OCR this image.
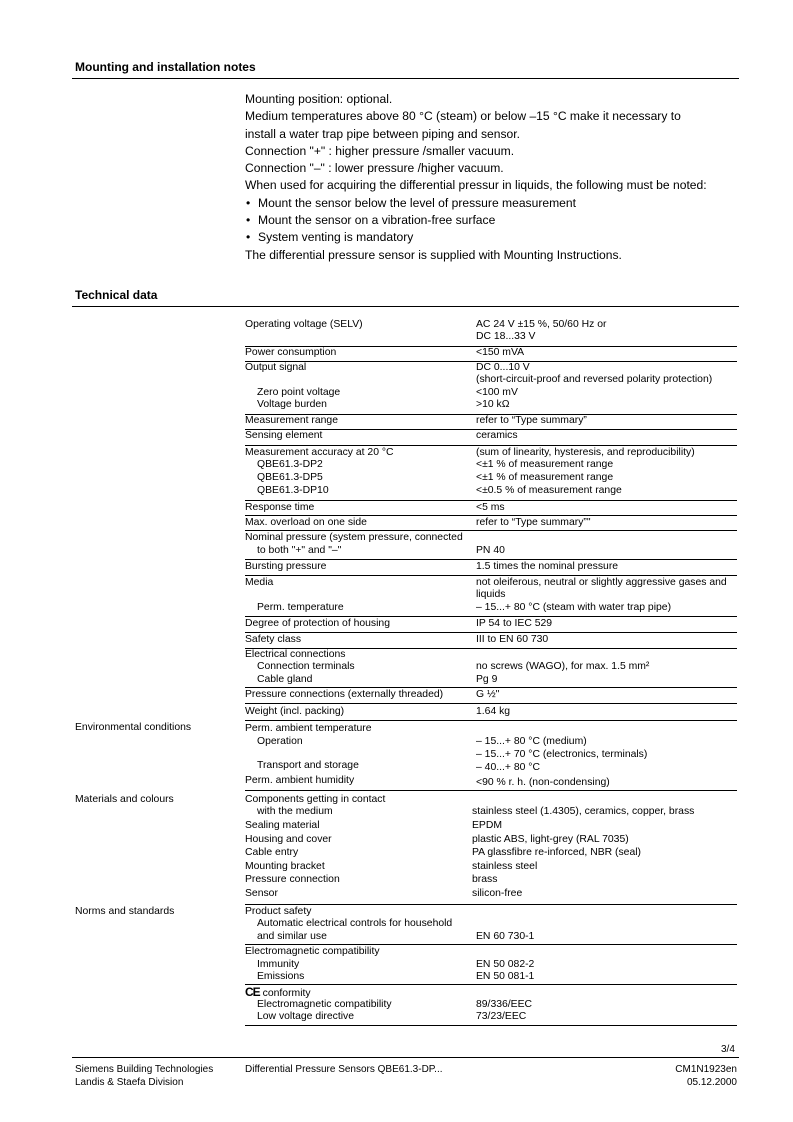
Mounting and installation notes

Mounting position: optional.

Medium temperatures above 80 °C (steam) or below –15 °C make it necessary to

install a water trap pipe between piping and sensor.

Connection "+" : higher pressure /smaller vacuum.

Connection "–" : lower pressure /higher vacuum.

When used for acquiring the differential pressur in liquids, the following must be noted:

• Mount the sensor below the level of pressure measurement
• Mount the sensor on a vibration-free surface
• System venting is mandatory

The differential pressure sensor is supplied with Mounting Instructions.

Technical data
Operating voltage (SELV)	AC 24 V ±15 %, 50/60 Hz or
DC 18...33 V
Power consumption	<150 mVA
Output signal	DC 0...10 V
(short-circuit-proof and reversed polarity protection)
Zero point voltage	<100 mV
Voltage burden	>10 kΩ
Measurement range	refer to “Type summary”
Sensing element	ceramics
Measurement accuracy at 20 °C	(sum of linearity, hysteresis, and reproducibility)
QBE61.3-DP2	<±1 % of measurement range
QBE61.3-DP5	<±1 % of measurement range
QBE61.3-DP10	<±0.5 % of measurement range
Response time	<5 ms
Max. overload on one side	refer to “Type summary”"
Nominal pressure (system pressure, connected
to both "+" and "–"	PN 40
Bursting pressure	1.5 times the nominal pressure
Media	not oleiferous, neutral or slightly aggressive gases and
liquids
Perm. temperature	– 15...+ 80 °C (steam with water trap pipe)
Degree of protection of housing	IP 54 to IEC 529
Safety class	III to EN 60 730
Electrical connections
Connection terminals	no screws (WAGO), for max. 1.5 mm²
Cable gland	Pg 9
Pressure connections (externally threaded)	G ½"
Weight (incl. packing)	1.64 kg
Environmental conditions	Perm. ambient temperature
Operation	– 15...+ 80 °C (medium)
– 15...+ 70 °C (electronics, terminals)
Transport and storage	– 40...+ 80 °C
Perm. ambient humidity	<90 % r. h. (non-condensing)
Materials and colours	Components getting in contact
with the medium	stainless steel (1.4305), ceramics, copper, brass
Sealing material	EPDM
Housing and cover	plastic ABS, light-grey (RAL 7035)
Cable entry	PA glassfibre re-inforced, NBR (seal)
Mounting bracket	stainless steel
Pressure connection	brass
Sensor	silicon-free
Norms and standards	Product safety
Automatic electrical controls for household
and similar use	EN 60 730-1
Electromagnetic compatibility
Immunity	EN 50 082-2
Emissions	EN 50 081-1
CE conformity
Electromagnetic compatibility	89/336/EEC
Low voltage directive	73/23/EEC
3/4
Siemens Building Technologies
Landis & Staefa Division
Differential Pressure Sensors QBE61.3-DP...	CM1N1923en
05.12.2000
